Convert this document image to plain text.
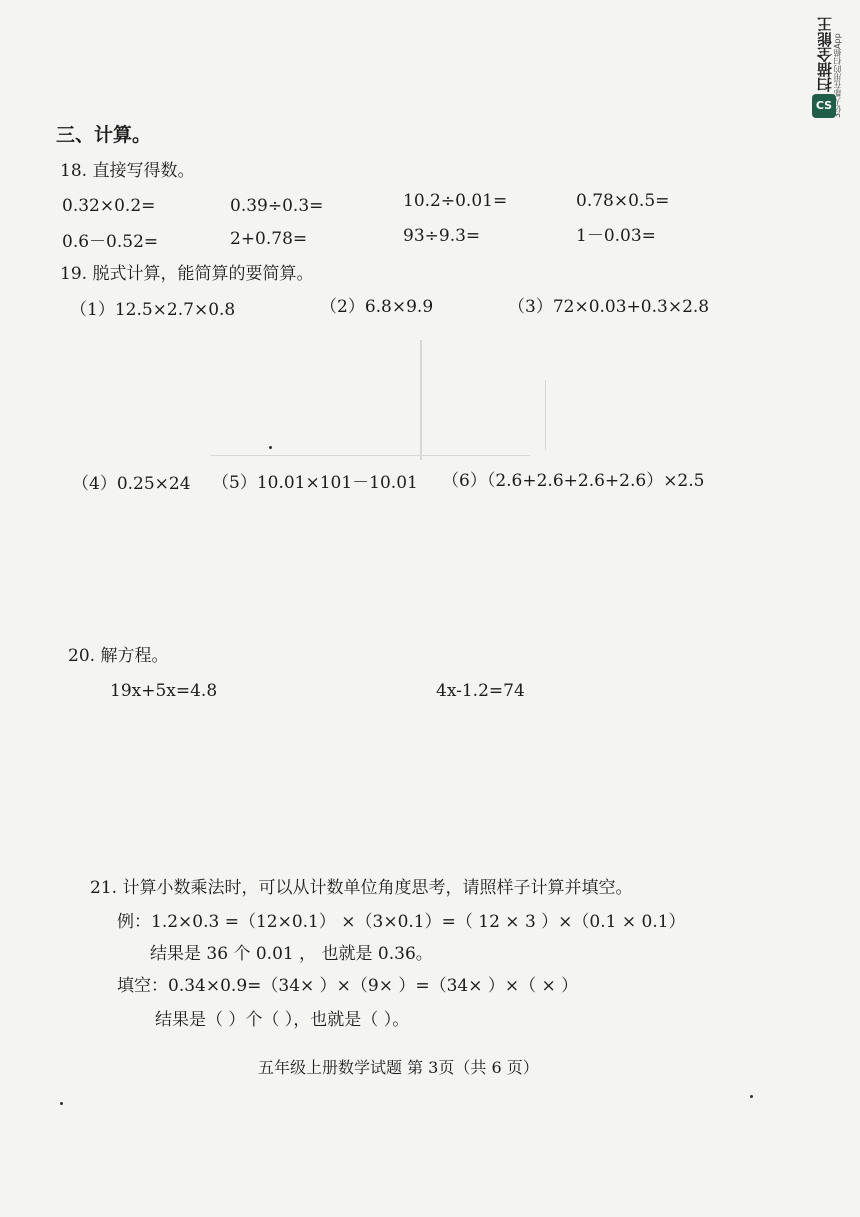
扫描全能王
CS 3亿人都在用的扫描App
三、计算。
18. 直接写得数。
0.32×0.2=	0.39÷0.3=	10.2÷0.01=	0.78×0.5=
0.6－0.52=	2+0.78=	93÷9.3=	1－0.03=
19. 脱式计算，能简算的要简算。
（1）12.5×2.7×0.8	（2）6.8×9.9	（3）72×0.03+0.3×2.8
（4）0.25×24 （5）10.01×101－10.01 （6）（2.6+2.6+2.6+2.6）×2.5
20. 解方程。
19x+5x=4.8	4x-1.2=74
21. 计算小数乘法时，可以从计数单位角度思考，请照样子计算并填空。
例：1.2×0.3 =（12×0.1） ×（3×0.1）=（ 12 × 3 ）×（0.1 × 0.1）
结果是 36 个 0.01 ， 也就是 0.36。
填空：0.34×0.9=（34× ）×（9× ）=（34× ）×（ × ）
结果是（ ）个（ ），也就是（ ）。
五年级上册数学试题 第 3页（共 6 页）
